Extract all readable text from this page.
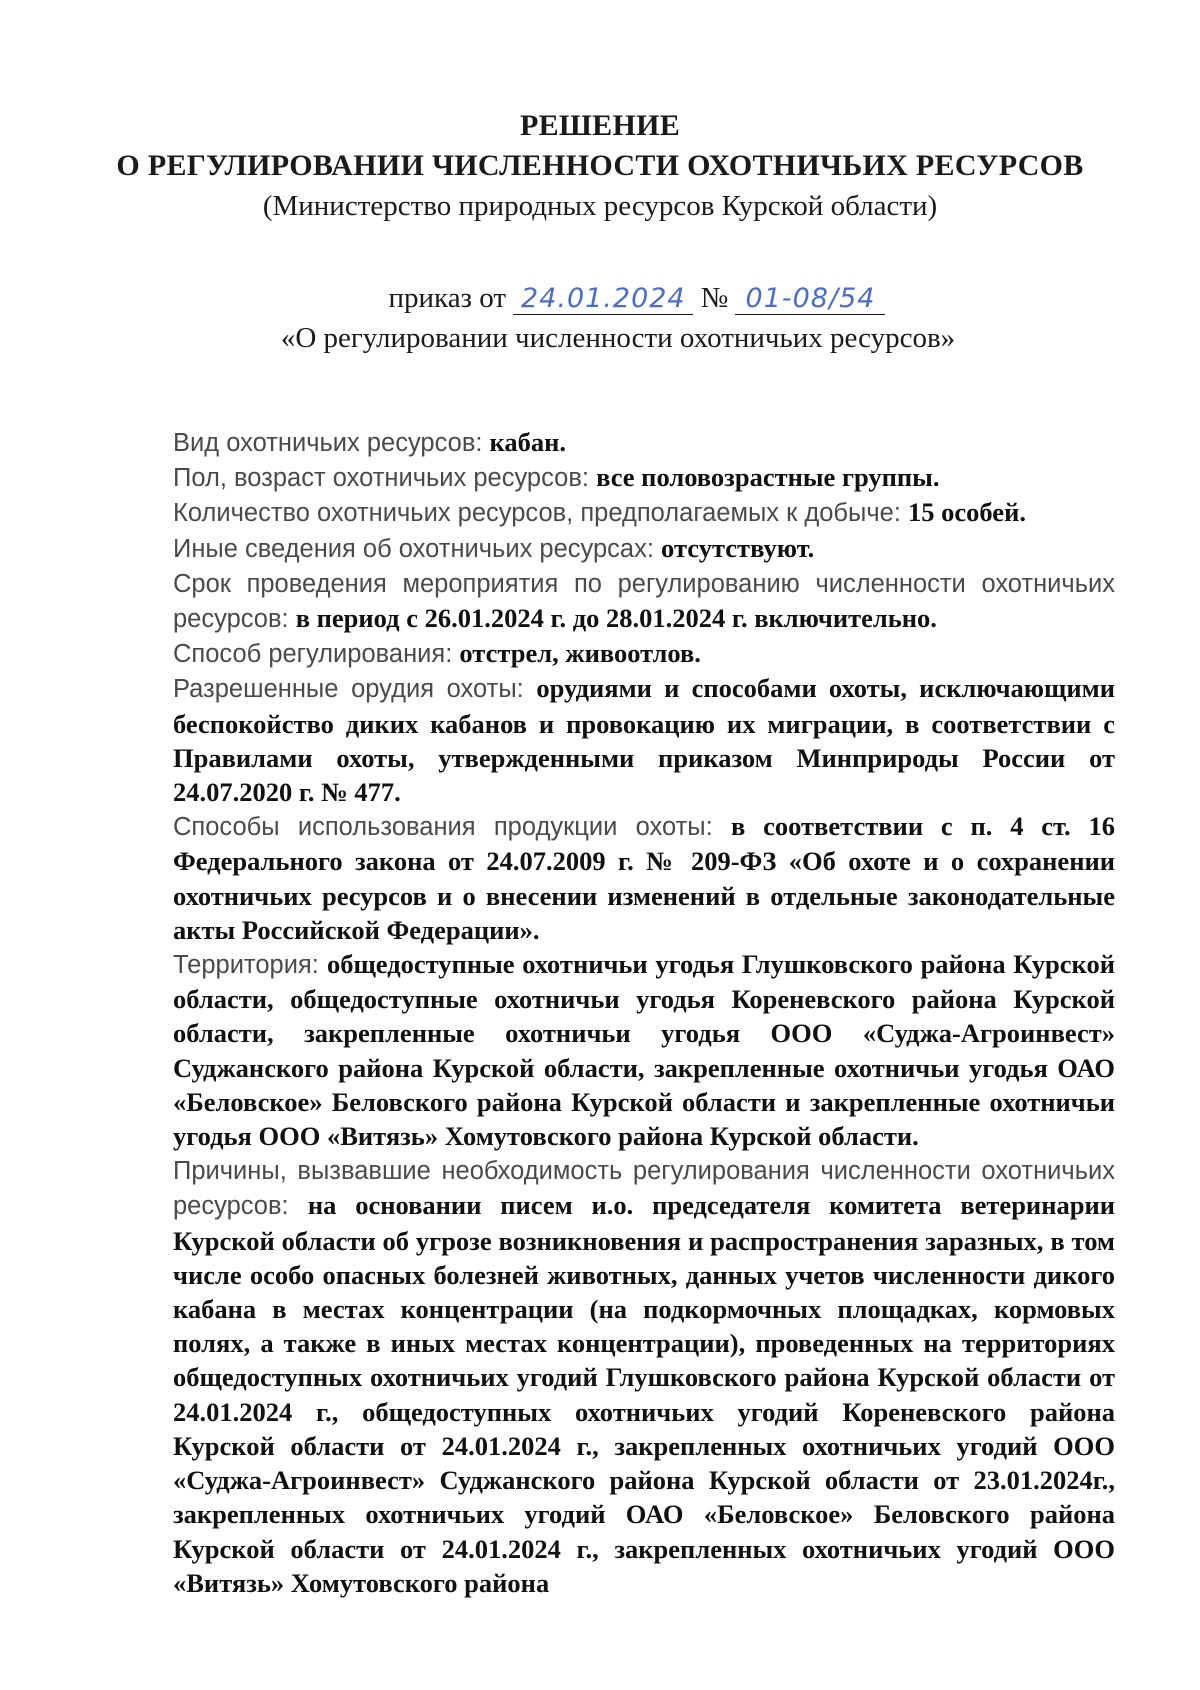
РЕШЕНИЕ
О РЕГУЛИРОВАНИИ ЧИСЛЕННОСТИ ОХОТНИЧЬИХ РЕСУРСОВ
(Министерство природных ресурсов Курской области)
приказ от 24.01.2024 № 01-08/54
«О регулировании численности охотничьих ресурсов»

Вид охотничьих ресурсов: кабан.

Пол, возраст охотничьих ресурсов: все половозрастные группы.

Количество охотничьих ресурсов, предполагаемых к добыче: 15 особей.

Иные сведения об охотничьих ресурсах: отсутствуют.

Срок проведения мероприятия по регулированию численности охотничьих ресурсов: в период с 26.01.2024 г. до 28.01.2024 г. включительно.

Способ регулирования: отстрел, живоотлов.

Разрешенные орудия охоты: орудиями и способами охоты, исключающими беспокойство диких кабанов и провокацию их миграции, в соответствии с Правилами охоты, утвержденными приказом Минприроды России от 24.07.2020 г. № 477.

Способы использования продукции охоты: в соответствии с п. 4 ст. 16 Федерального закона от 24.07.2009 г. № 209-ФЗ «Об охоте и о сохранении охотничьих ресурсов и о внесении изменений в отдельные законодательные акты Российской Федерации».

Территория: общедоступные охотничьи угодья Глушковского района Курской области, общедоступные охотничьи угодья Кореневского района Курской области, закрепленные охотничьи угодья ООО «Суджа-Агроинвест» Суджанского района Курской области, закрепленные охотничьи угодья ОАО «Беловское» Беловского района Курской области и закрепленные охотничьи угодья ООО «Витязь» Хомутовского района Курской области.

Причины, вызвавшие необходимость регулирования численности охотничьих ресурсов: на основании писем и.о. председателя комитета ветеринарии Курской области об угрозе возникновения и распространения заразных, в том числе особо опасных болезней животных, данных учетов численности дикого кабана в местах концентрации (на подкормочных площадках, кормовых полях, а также в иных местах концентрации), проведенных на территориях общедоступных охотничьих угодий Глушковского района Курской области от 24.01.2024 г., общедоступных охотничьих угодий Кореневского района Курской области от 24.01.2024 г., закрепленных охотничьих угодий ООО «Суджа-Агроинвест» Суджанского района Курской области от 23.01.2024г., закрепленных охотничьих угодий ОАО «Беловское» Беловского района Курской области от 24.01.2024 г., закрепленных охотничьих угодий ООО «Витязь» Хомутовского района
